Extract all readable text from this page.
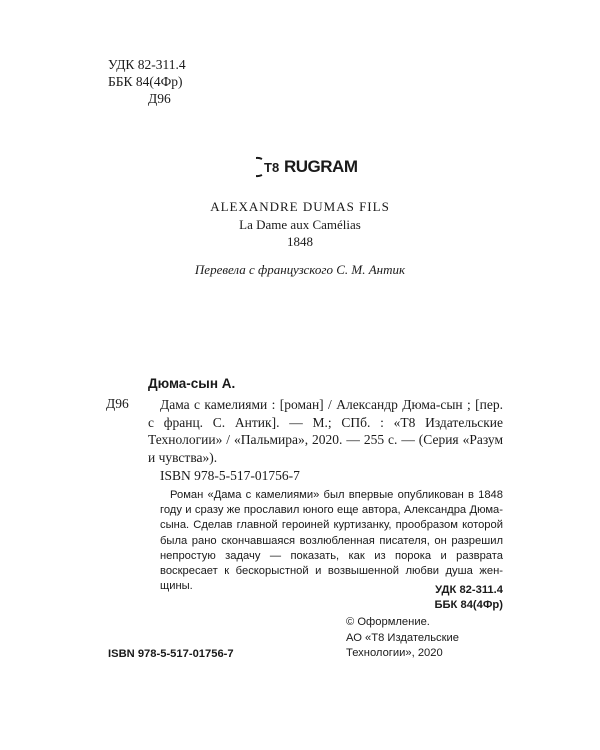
УДК 82-311.4
ББК 84(4Фр)
Д96
T8 RUGRAM
ALEXANDRE DUMAS FILS
La Dame aux Camélias
1848
Перевела с французского С. М. Антик
Дюма-сын А.
Д96	Дама с камелиями : [роман] / Александр Дюма-сын ; [пер. с франц. С. Антик]. — М.; СПб. : «Т8 Издательские Технологии» / «Пальмира», 2020. — 255 с. — (Серия «Разум и чувства»).
ISBN 978-5-517-01756-7
Роман «Дама с камелиями» был впервые опубликован в 1848 году и сразу же прославил юного еще автора, Александра Дюма-сына. Сделав главной героиней куртизанку, прообразом которой была рано скончавшаяся возлюбленная писателя, он разрешил непростую задачу — показать, как из порока и разврата воскресает к бескорыстной и возвышенной любви душа женщины.	УДК 82-311.4
ББК 84(4Фр)
ISBN 978-5-517-01756-7
© Оформление.
АО «Т8 Издательские
Технологии», 2020
